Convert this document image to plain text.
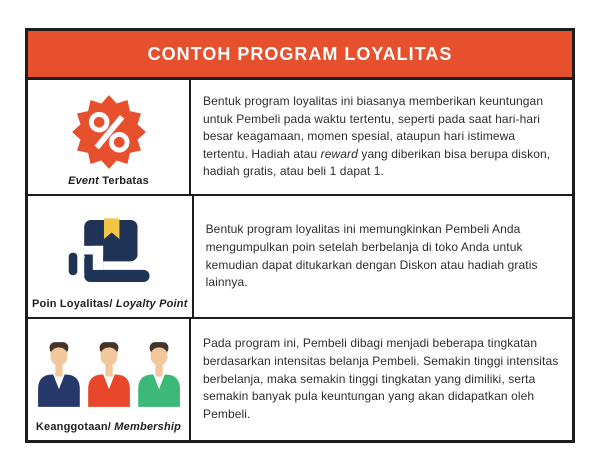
CONTOH PROGRAM LOYALITAS
Event Terbatas

Bentuk program loyalitas ini biasanya memberikan keuntungan untuk Pembeli pada waktu tertentu, seperti pada saat hari-hari besar keagamaan, momen spesial, ataupun hari istimewa tertentu. Hadiah atau reward yang diberikan bisa berupa diskon, hadiah gratis, atau beli 1 dapat 1.

Poin Loyalitas/ Loyalty Point

Bentuk program loyalitas ini memungkinkan Pembeli Anda mengumpulkan poin setelah berbelanja di toko Anda untuk kemudian dapat ditukarkan dengan Diskon atau hadiah gratis lainnya.

Keanggotaan/ Membership

Pada program ini, Pembeli dibagi menjadi beberapa tingkatan berdasarkan intensitas belanja Pembeli. Semakin tinggi intensitas berbelanja, maka semakin tinggi tingkatan yang dimiliki, serta semakin banyak pula keuntungan yang akan didapatkan oleh Pembeli.
